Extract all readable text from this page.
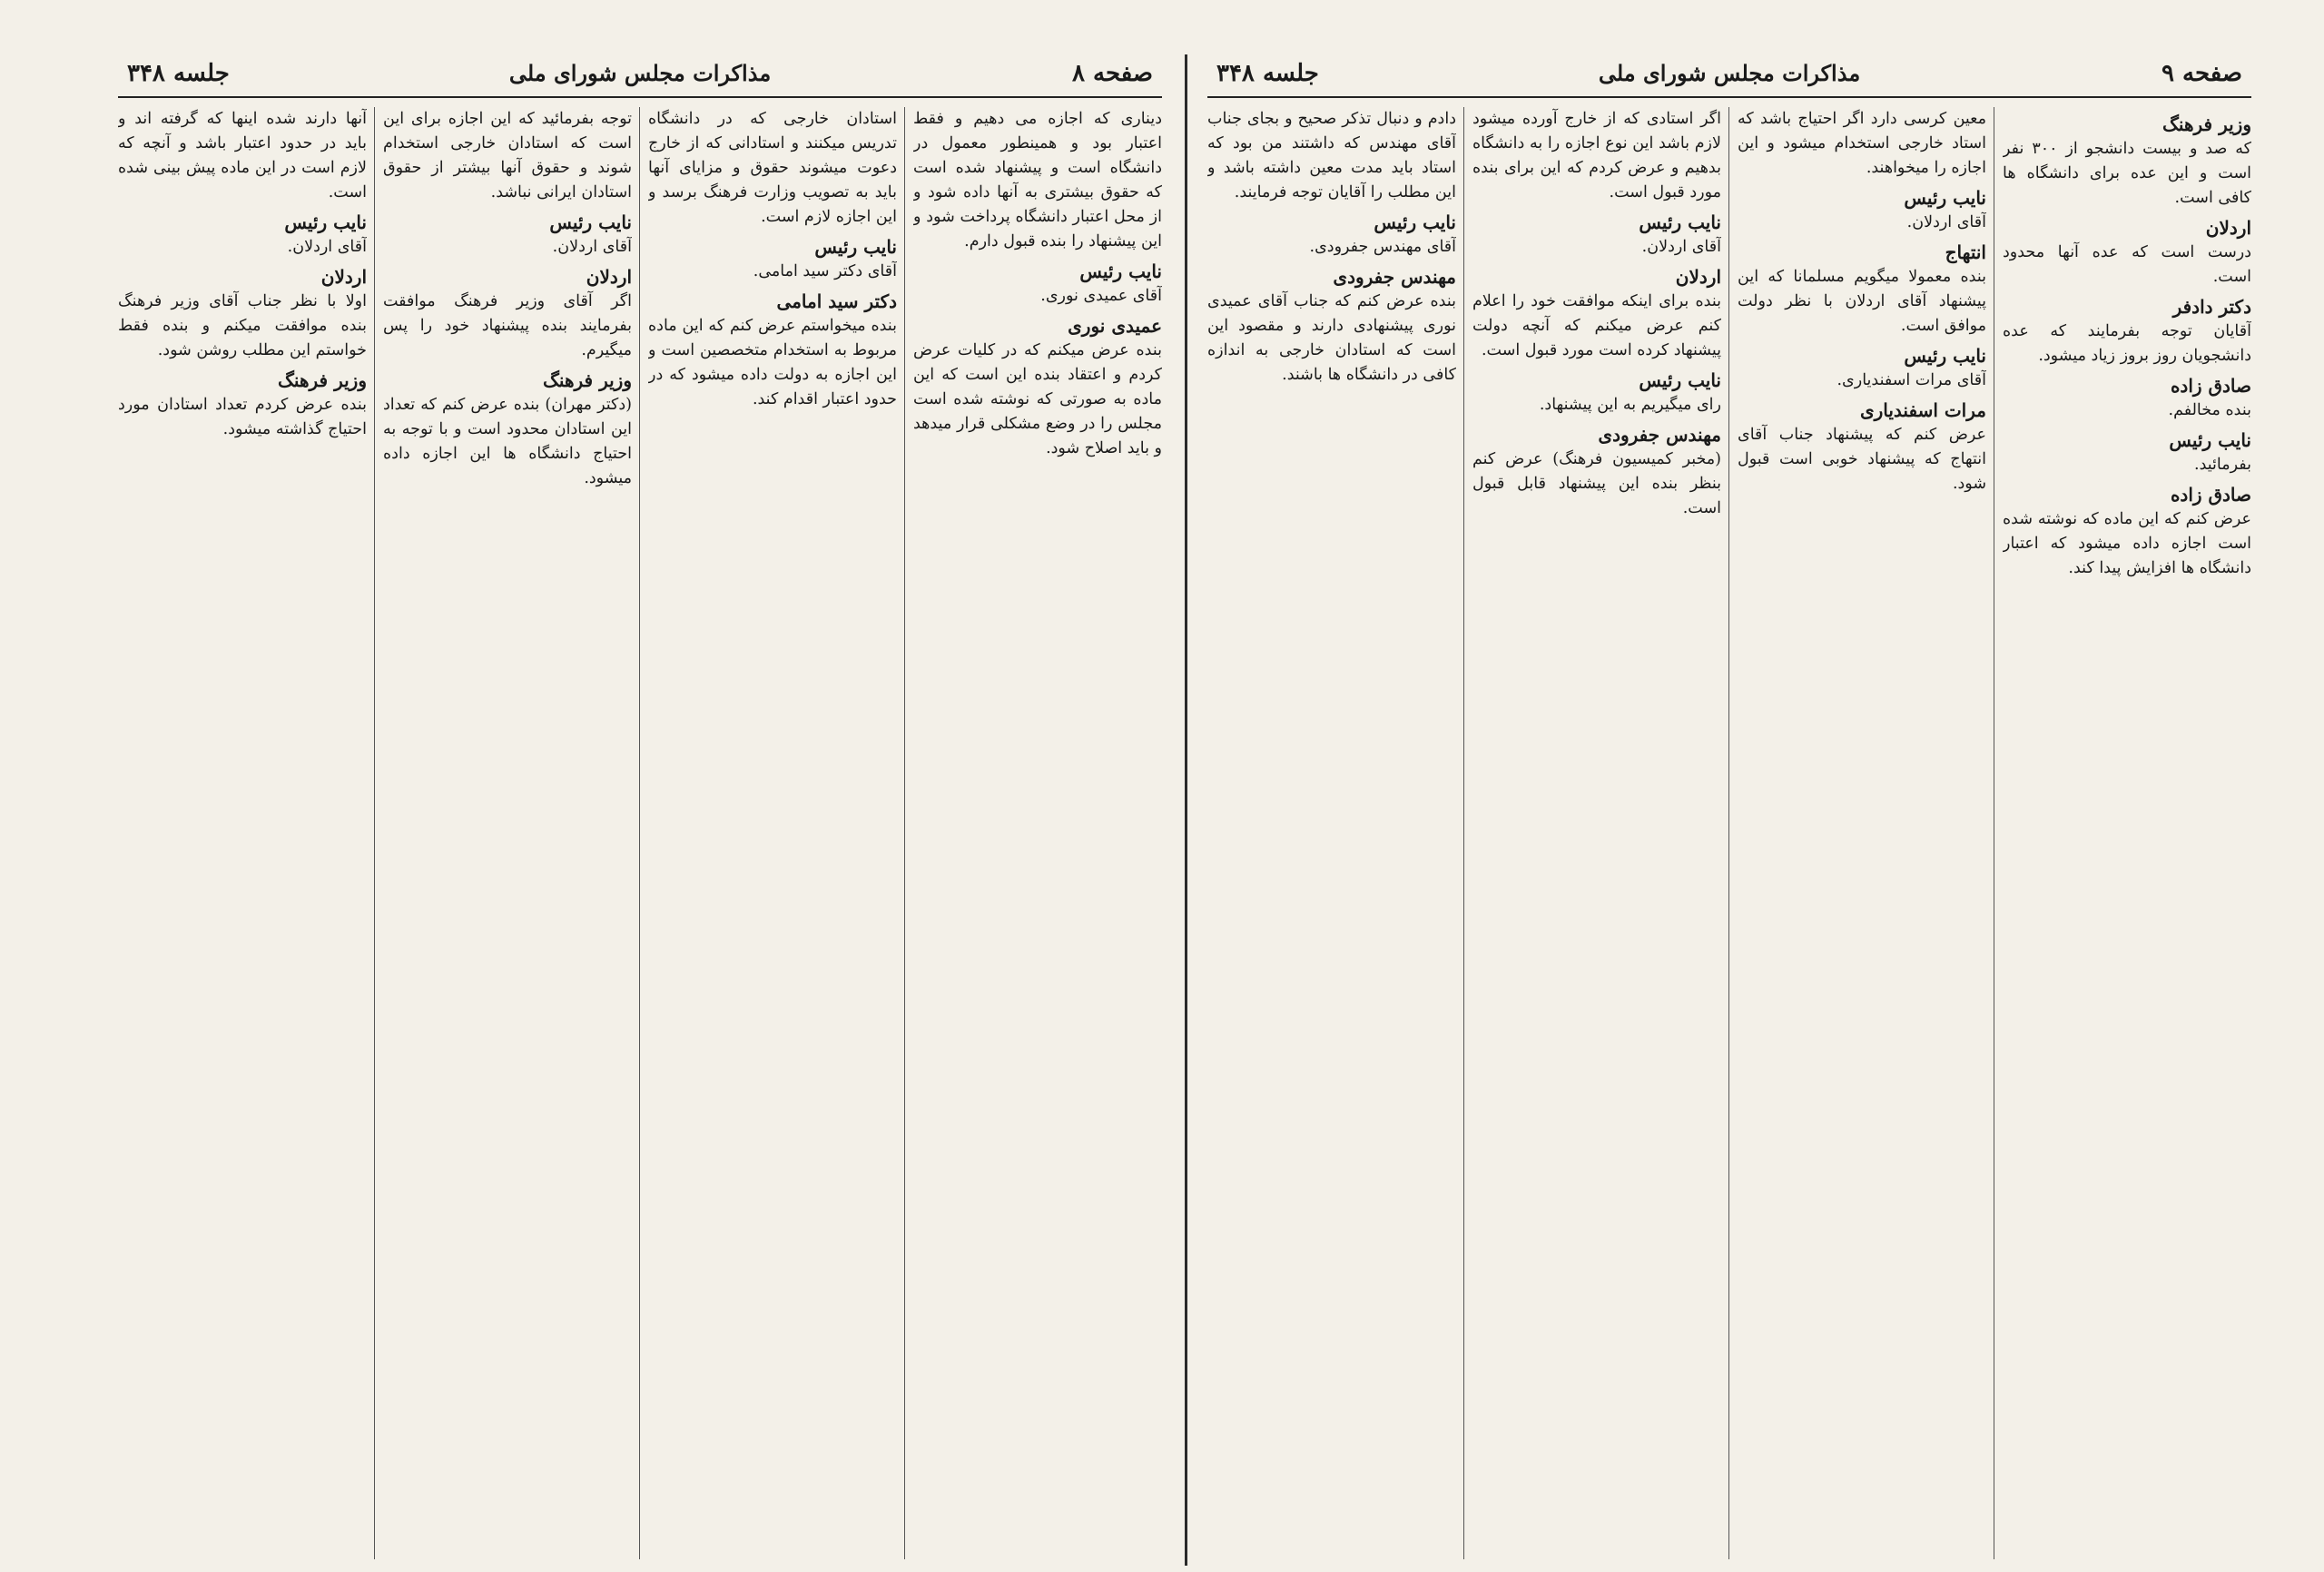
صفحه ۸
مذاکرات مجلس شورای ملی
جلسه ۳۴۸

دیناری که اجازه می دهیم و فقط اعتبار بود و همینطور معمول در دانشگاه است و پیشنهاد شده است که حقوق بیشتری به آنها داده شود و از محل اعتبار دانشگاه پرداخت شود و این پیشنهاد را بنده قبول دارم.

نایب رئیس
آقای عمیدی نوری.

عمیدی نوری
بنده عرض میکنم که در کلیات عرض کردم و اعتقاد بنده این است که این ماده به صورتی که نوشته شده است مجلس را در وضع مشکلی قرار میدهد و باید اصلاح شود.

استادان خارجی که در دانشگاه تدریس میکنند و استادانی که از خارج دعوت میشوند حقوق و مزایای آنها باید به تصویب وزارت فرهنگ برسد و این اجازه لازم است.

نایب رئیس
آقای دکتر سید امامی.

دکتر سید امامی
بنده میخواستم عرض کنم که این ماده مربوط به استخدام متخصصین است و این اجازه به دولت داده میشود که در حدود اعتبار اقدام کند.

توجه بفرمائید که این اجازه برای این است که استادان خارجی استخدام شوند و حقوق آنها بیشتر از حقوق استادان ایرانی نباشد.

نایب رئیس
آقای اردلان.

اردلان
اگر آقای وزیر فرهنگ موافقت بفرمایند بنده پیشنهاد خود را پس میگیرم.

وزیر فرهنگ
(دکتر مهران) بنده عرض کنم که تعداد این استادان محدود است و با توجه به احتیاج دانشگاه ها این اجازه داده میشود.

آنها دارند شده اینها که گرفته اند و باید در حدود اعتبار باشد و آنچه که لازم است در این ماده پیش بینی شده است.

نایب رئیس
آقای اردلان.

اردلان
اولا با نظر جناب آقای وزیر فرهنگ بنده موافقت میکنم و بنده فقط خواستم این مطلب روشن شود.

وزیر فرهنگ
بنده عرض کردم تعداد استادان مورد احتیاج گذاشته میشود.

صفحه ۹
مذاکرات مجلس شورای ملی
جلسه ۳۴۸

وزیر فرهنگ
که صد و بیست دانشجو از ۳۰۰ نفر است و این عده برای دانشگاه ها کافی است.

اردلان
درست است که عده آنها محدود است.

دکتر دادفر
آقایان توجه بفرمایند که عده دانشجویان روز بروز زیاد میشود.

صادق زاده
بنده مخالفم.

نایب رئیس
بفرمائید.

صادق زاده
عرض کنم که این ماده که نوشته شده است اجازه داده میشود که اعتبار دانشگاه ها افزایش پیدا کند.

معین کرسی دارد اگر احتیاج باشد که استاد خارجی استخدام میشود و این اجازه را میخواهند.

نایب رئیس
آقای اردلان.

انتهاج
بنده معمولا میگویم مسلمانا که این پیشنهاد آقای اردلان با نظر دولت موافق است.

نایب رئیس
آقای مرات اسفندیاری.

مرات اسفندیاری
عرض کنم که پیشنهاد جناب آقای انتهاج که پیشنهاد خوبی است قبول شود.

اگر استادی که از خارج آورده میشود لازم باشد این نوع اجازه را به دانشگاه بدهیم و عرض کردم که این برای بنده مورد قبول است.

نایب رئیس
آقای اردلان.

اردلان
بنده برای اینکه موافقت خود را اعلام کنم عرض میکنم که آنچه دولت پیشنهاد کرده است مورد قبول است.

نایب رئیس
رای میگیریم به این پیشنهاد.

مهندس جفرودی
(مخبر کمیسیون فرهنگ) عرض کنم بنظر بنده این پیشنهاد قابل قبول است.

دادم و دنبال تذکر صحیح و بجای جناب آقای مهندس که داشتند من بود که استاد باید مدت معین داشته باشد و این مطلب را آقایان توجه فرمایند.

نایب رئیس
آقای مهندس جفرودی.

مهندس جفرودی
بنده عرض کنم که جناب آقای عمیدی نوری پیشنهادی دارند و مقصود این است که استادان خارجی به اندازه کافی در دانشگاه ها باشند.
